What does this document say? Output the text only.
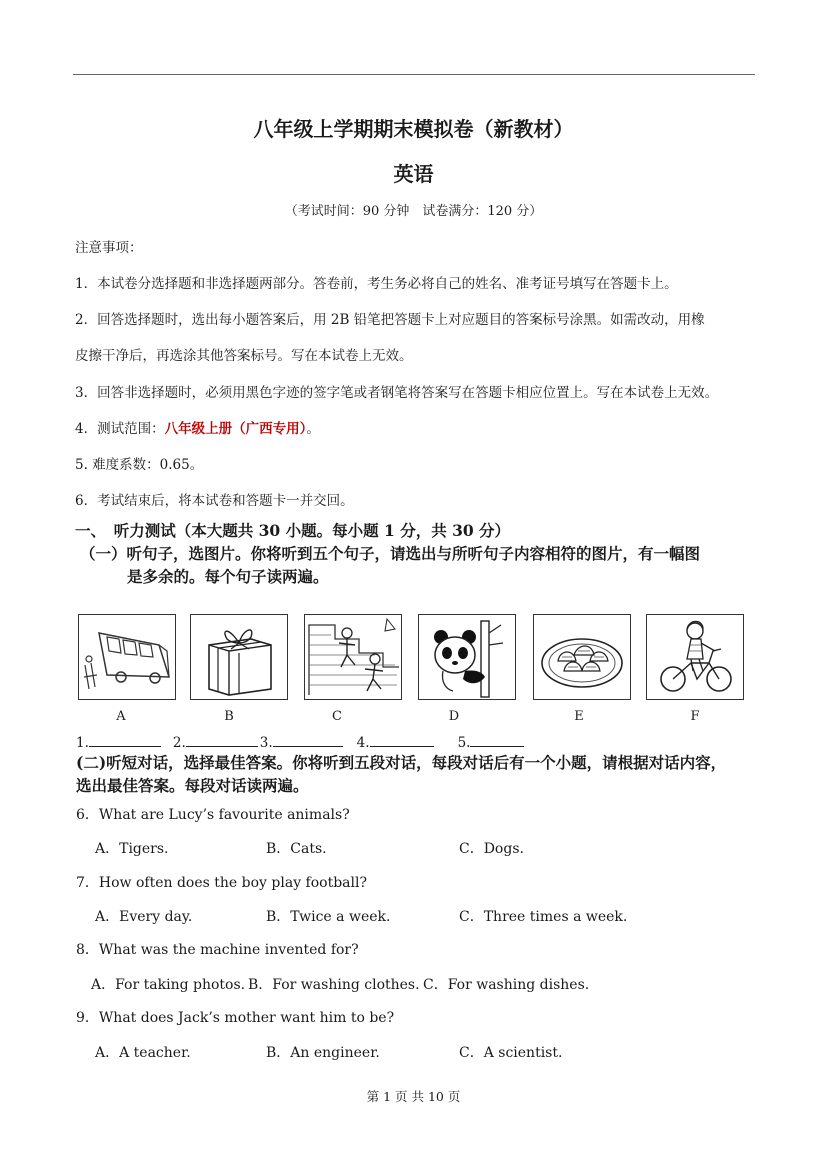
八年级上学期期末模拟卷（新教材）
英语
（考试时间：90 分钟　试卷满分：120 分）
注意事项：
1．本试卷分选择题和非选择题两部分。答卷前，考生务必将自己的姓名、准考证号填写在答题卡上。
2．回答选择题时，选出每小题答案后，用 2B 铅笔把答题卡上对应题目的答案标号涂黑。如需改动，用橡
皮擦干净后，再选涂其他答案标号。写在本试卷上无效。
3．回答非选择题时，必须用黑色字迹的签字笔或者钢笔将答案写在答题卡相应位置上。写在本试卷上无效。
4．测试范围：八年级上册（广西专用）。
5. 难度系数：0.65。
6．考试结束后，将本试卷和答题卡一并交回。
一、　听力测试（本大题共 30 小题。每小题 1 分，共 30 分）
（一）听句子，选图片。你将听到五个句子，请选出与所听句子内容相符的图片，有一幅图
是多余的。每个句子读两遍。
A	B	C	D	E	F
1.	2.	3.	4.	5.
(二)听短对话，选择最佳答案。你将听到五段对话，每段对话后有一个小题，请根据对话内容，
选出最佳答案。每段对话读两遍。
6．What are Lucy’s favourite animals?
A．Tigers.	B．Cats.	C．Dogs.
7．How often does the boy play football?
A．Every day.	B．Twice a week.	C．Three times a week.
8．What was the machine invented for?
A．For taking photos. B．For washing clothes. C．For washing dishes.
9．What does Jack’s mother want him to be?
A．A teacher.	B．An engineer.	C．A scientist.
第 1 页 共 10 页
